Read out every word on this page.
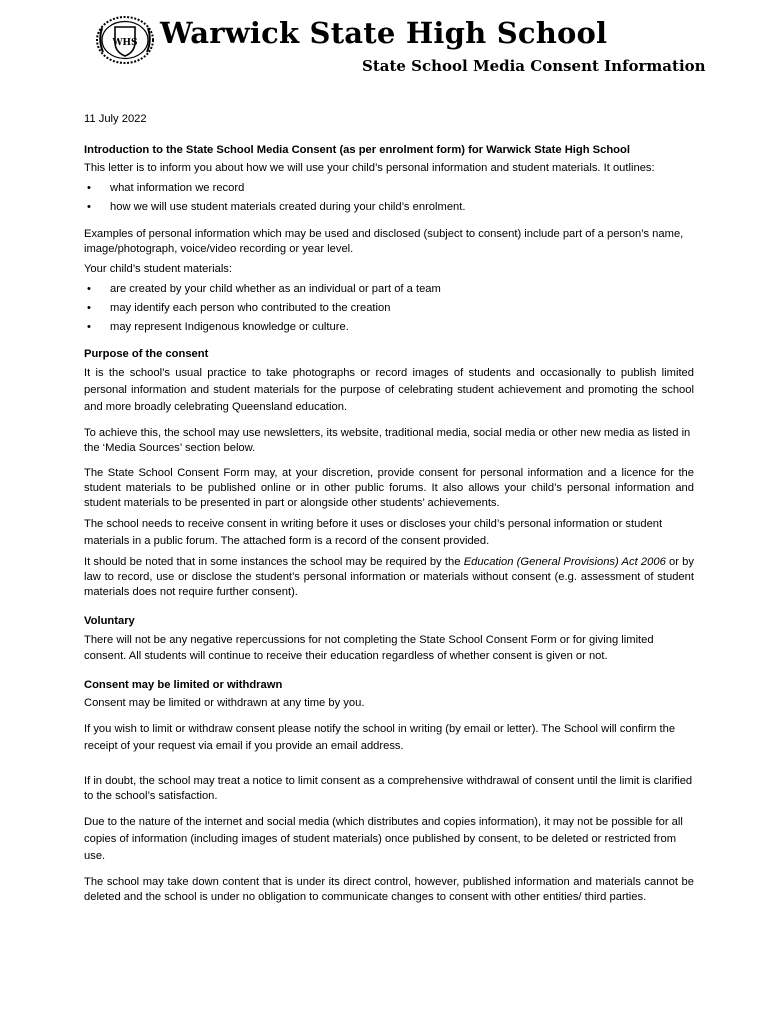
WHS Warwick State High School
State School Media Consent Information

11 July 2022

Introduction to the State School Media Consent (as per enrolment form) for Warwick State High School

This letter is to inform you about how we will use your child’s personal information and student materials. It outlines:

• what information we record
• how we will use student materials created during your child’s enrolment.

Examples of personal information which may be used and disclosed (subject to consent) include part of a person’s name, image/photograph, voice/video recording or year level.

Your child’s student materials:

• are created by your child whether as an individual or part of a team
• may identify each person who contributed to the creation
• may represent Indigenous knowledge or culture.
Purpose of the consent

It is the school’s usual practice to take photographs or record images of students and occasionally to publish limited personal information and student materials for the purpose of celebrating student achievement and promoting the school and more broadly celebrating Queensland education.

To achieve this, the school may use newsletters, its website, traditional media, social media or other new media as listed in the ‘Media Sources’ section below.

The State School Consent Form may, at your discretion, provide consent for personal information and a licence for the student materials to be published online or in other public forums. It also allows your child’s personal information and student materials to be presented in part or alongside other students’ achievements.

The school needs to receive consent in writing before it uses or discloses your child’s personal information or student materials in a public forum. The attached form is a record of the consent provided.

It should be noted that in some instances the school may be required by the Education (General Provisions) Act 2006 or by law to record, use or disclose the student’s personal information or materials without consent (e.g. assessment of student materials does not require further consent).

Voluntary

There will not be any negative repercussions for not completing the State School Consent Form or for giving limited consent. All students will continue to receive their education regardless of whether consent is given or not.

Consent may be limited or withdrawn

Consent may be limited or withdrawn at any time by you.

If you wish to limit or withdraw consent please notify the school in writing (by email or letter). The School will confirm the receipt of your request via email if you provide an email address.

If in doubt, the school may treat a notice to limit consent as a comprehensive withdrawal of consent until the limit is clarified to the school’s satisfaction.

Due to the nature of the internet and social media (which distributes and copies information), it may not be possible for all copies of information (including images of student materials) once published by consent, to be deleted or restricted from use.

The school may take down content that is under its direct control, however, published information and materials cannot be deleted and the school is under no obligation to communicate changes to consent with other entities/ third parties.
